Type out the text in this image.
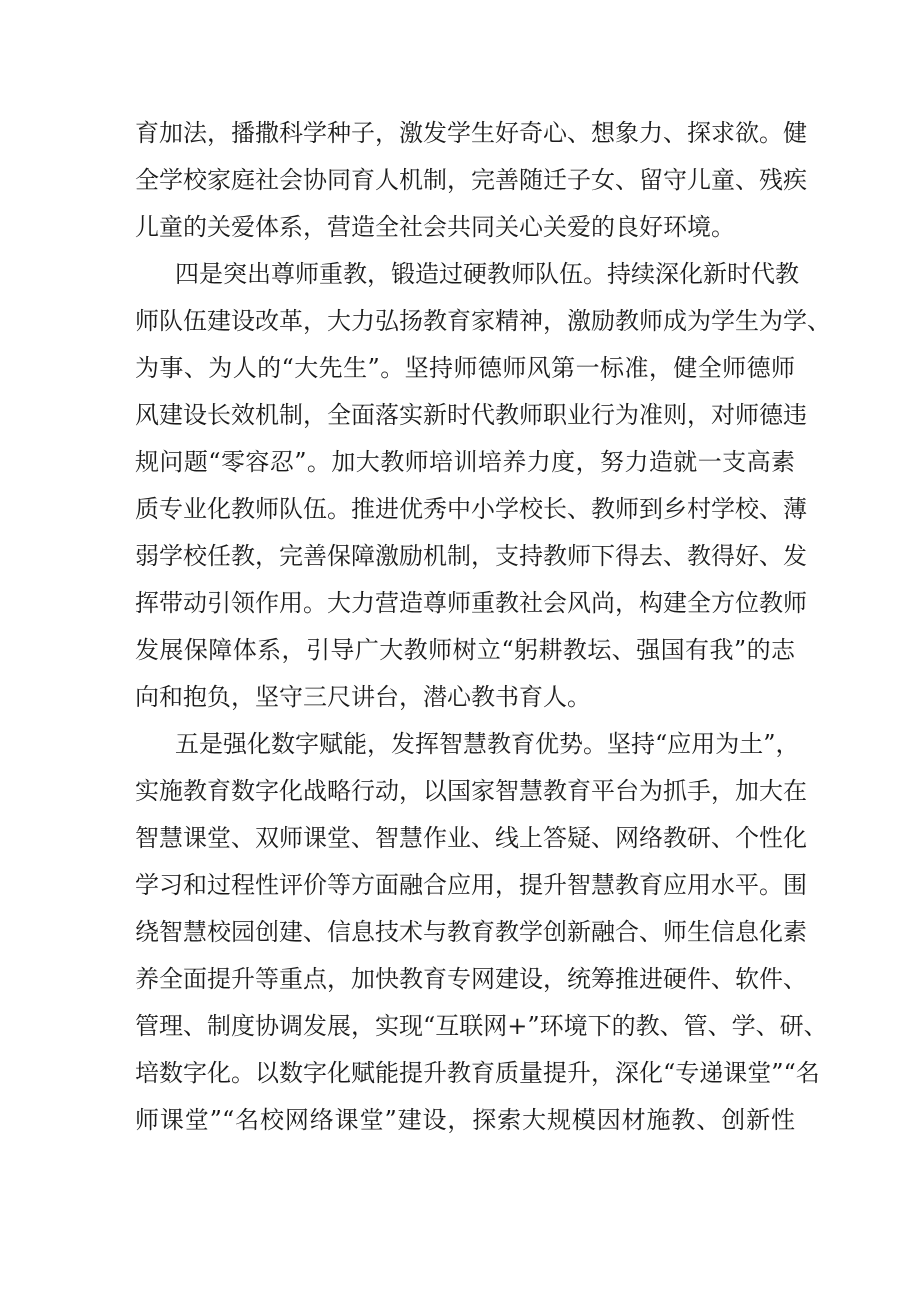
育加法，播撒科学种子，激发学生好奇心、想象力、探求欲。健
全学校家庭社会协同育人机制，完善随迁子女、留守儿童、残疾
儿童的关爱体系，营造全社会共同关心关爱的良好环境。
四是突出尊师重教，锻造过硬教师队伍。持续深化新时代教
师队伍建设改革，大力弘扬教育家精神，激励教师成为学生为学、
为事、为人的“大先生”。坚持师德师风第一标准，健全师德师
风建设长效机制，全面落实新时代教师职业行为准则，对师德违
规问题“零容忍”。加大教师培训培养力度，努力造就一支高素
质专业化教师队伍。推进优秀中小学校长、教师到乡村学校、薄
弱学校任教，完善保障激励机制，支持教师下得去、教得好、发
挥带动引领作用。大力营造尊师重教社会风尚，构建全方位教师
发展保障体系，引导广大教师树立“躬耕教坛、强国有我”的志
向和抱负，坚守三尺讲台，潜心教书育人。
五是强化数字赋能，发挥智慧教育优势。坚持“应用为土”，
实施教育数字化战略行动，以国家智慧教育平台为抓手，加大在
智慧课堂、双师课堂、智慧作业、线上答疑、网络教研、个性化
学习和过程性评价等方面融合应用，提升智慧教育应用水平。围
绕智慧校园创建、信息技术与教育教学创新融合、师生信息化素
养全面提升等重点，加快教育专网建设，统筹推进硬件、软件、
管理、制度协调发展，实现“互联网+”环境下的教、管、学、研、
培数字化。以数字化赋能提升教育质量提升，深化“专递课堂”“名
师课堂”“名校网络课堂”建设，探索大规模因材施教、创新性
